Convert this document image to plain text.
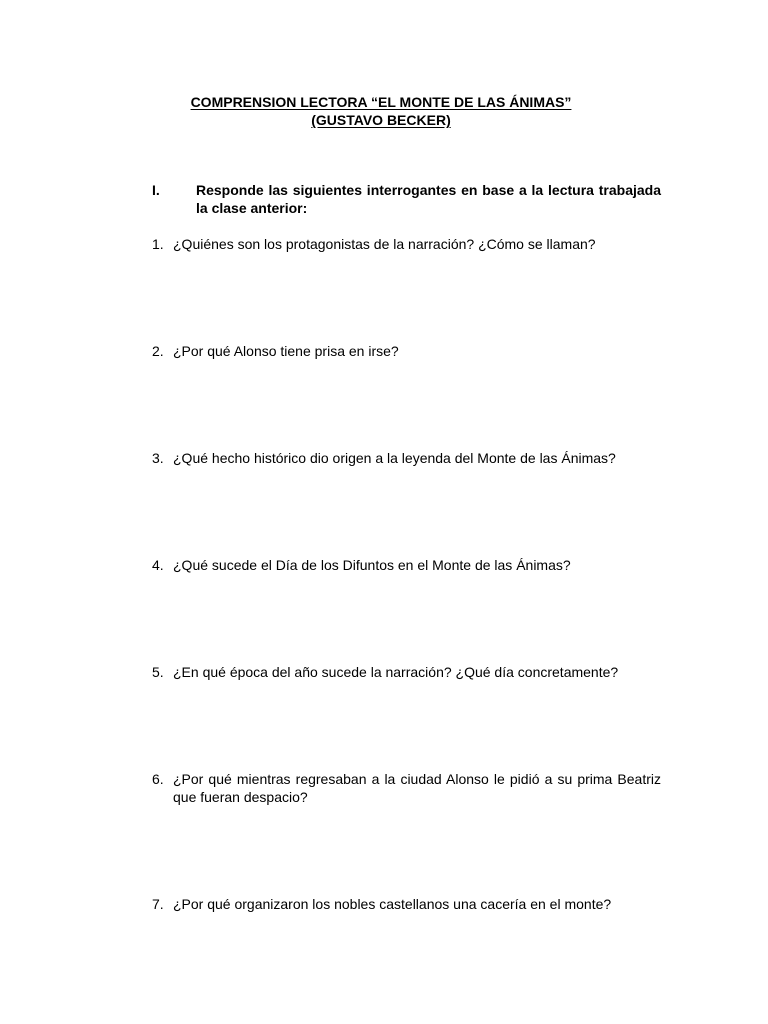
COMPRENSION LECTORA “EL MONTE DE LAS ÁNIMAS”
(GUSTAVO BECKER)
I.	Responde las siguientes interrogantes en base a la lectura trabajada la clase anterior:
1. ¿Quiénes son los protagonistas de la narración? ¿Cómo se llaman?
2. ¿Por qué Alonso tiene prisa en irse?
3. ¿Qué hecho histórico dio origen a la leyenda del Monte de las Ánimas?
4. ¿Qué sucede el Día de los Difuntos en el Monte de las Ánimas?
5. ¿En qué época del año sucede la narración? ¿Qué día concretamente?
6. ¿Por qué mientras regresaban a la ciudad Alonso le pidió a su prima Beatriz que fueran despacio?
7. ¿Por qué organizaron los nobles castellanos una cacería en el monte?
